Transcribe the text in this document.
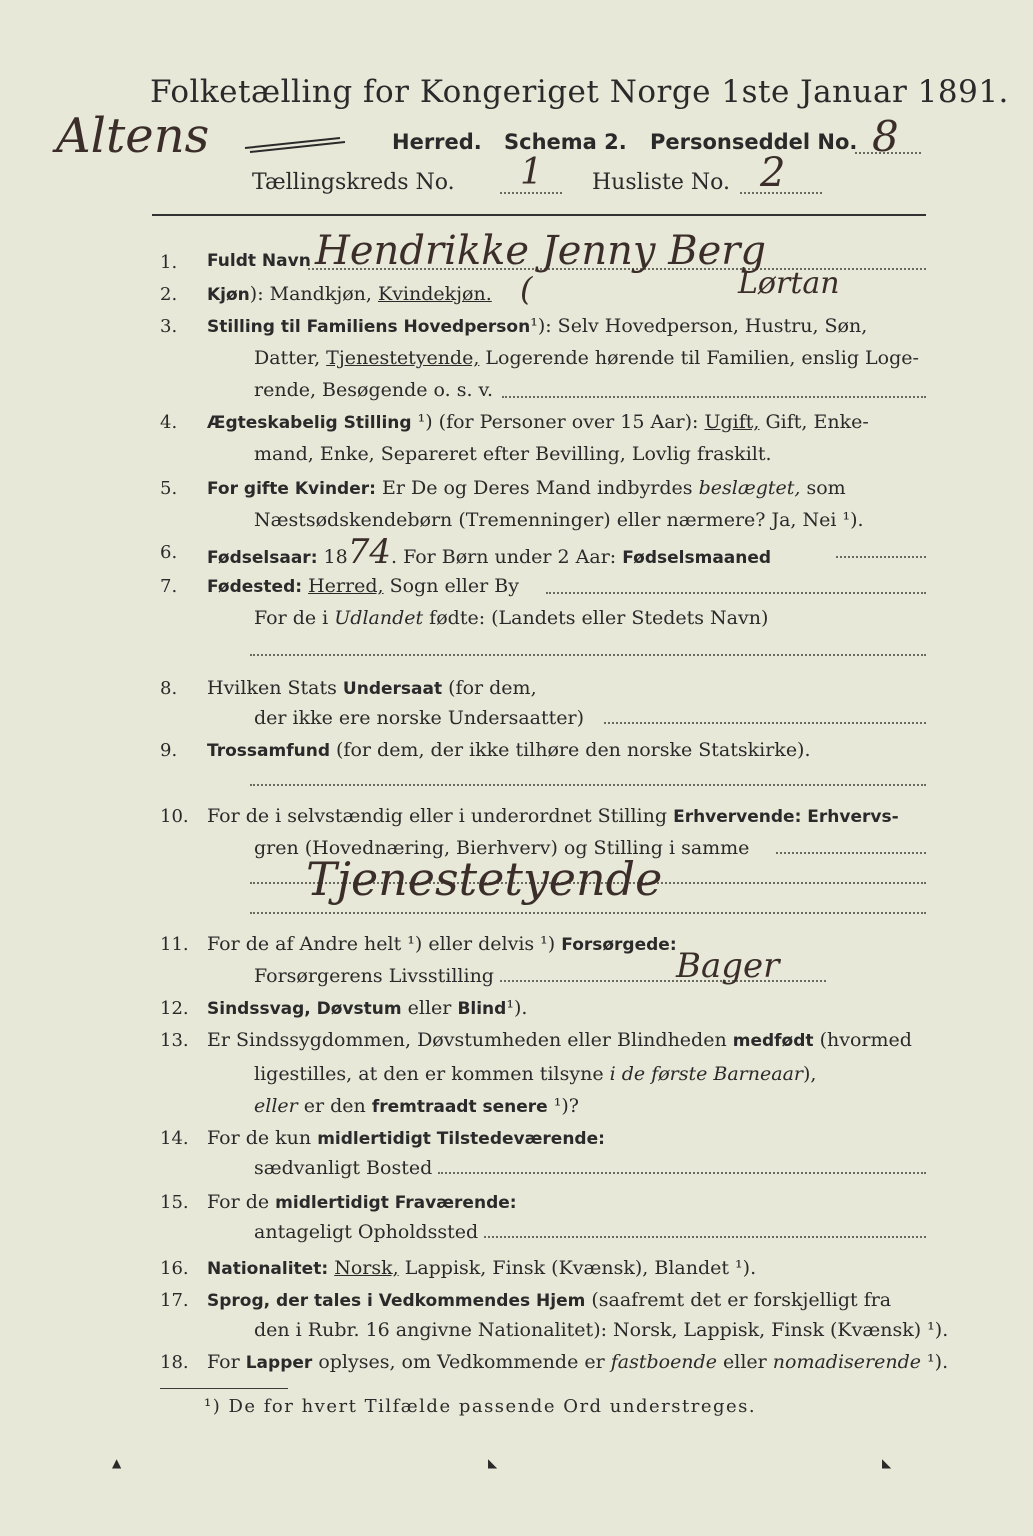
Folketælling for Kongeriget Norge 1ste Januar 1891.
Altens	Herred. Schema 2. Personseddel No. 8
Tællingskreds No. 1 Husliste No. 2
1.	Fuldt Navn Hendrikke Jenny Berg
Lørtan
2.	Kjøn): Mandkjøn, Kvindekjøn. (
3.	Stilling til Familiens Hovedperson¹): Selv Hovedperson, Hustru, Søn,
Datter, Tjenestetyende, Logerende hørende til Familien, enslig Loge-
rende, Besøgende o. s. v.
4.	Ægteskabelig Stilling ¹) (for Personer over 15 Aar): Ugift, Gift, Enke-
mand, Enke, Separeret efter Bevilling, Lovlig fraskilt.
5.	For gifte Kvinder: Er De og Deres Mand indbyrdes beslægtet, som
Næstsødskendebørn (Tremenninger) eller nærmere? Ja, Nei ¹).
6.	Fødselsaar: 1874. For Børn under 2 Aar: Fødselsmaaned
7.	Fødested: Herred, Sogn eller By
For de i Udlandet fødte: (Landets eller Stedets Navn)
8.	Hvilken Stats Undersaat (for dem,
der ikke ere norske Undersaatter)
9.	Trossamfund (for dem, der ikke tilhøre den norske Statskirke).
10. For de i selvstændig eller i underordnet Stilling Erhvervende: Erhvervs-
gren (Hovednæring, Bierhverv) og Stilling i samme
Tjenestetyende
11. For de af Andre helt ¹) eller delvis ¹) Forsørgede:
Forsørgerens Livsstilling	Bager
12.	Sindssvag, Døvstum eller Blind¹).
13. Er Sindssygdommen, Døvstumheden eller Blindheden medfødt (hvormed
ligestilles, at den er kommen tilsyne i de første Barneaar),
eller er den fremtraadt senere ¹)?
14. For de kun midlertidigt Tilstedeværende:
sædvanligt Bosted
15. For de midlertidigt Fraværende:
antageligt Opholdssted
16.	Nationalitet: Norsk, Lappisk, Finsk (Kvænsk), Blandet ¹).
17.	Sprog, der tales i Vedkommendes Hjem (saafremt det er forskjelligt fra
den i Rubr. 16 angivne Nationalitet): Norsk, Lappisk, Finsk (Kvænsk) ¹).
18. For Lapper oplyses, om Vedkommende er fastboende eller nomadiserende ¹).
¹) De for hvert Tilfælde passende Ord understreges.
▲	◣	◣
